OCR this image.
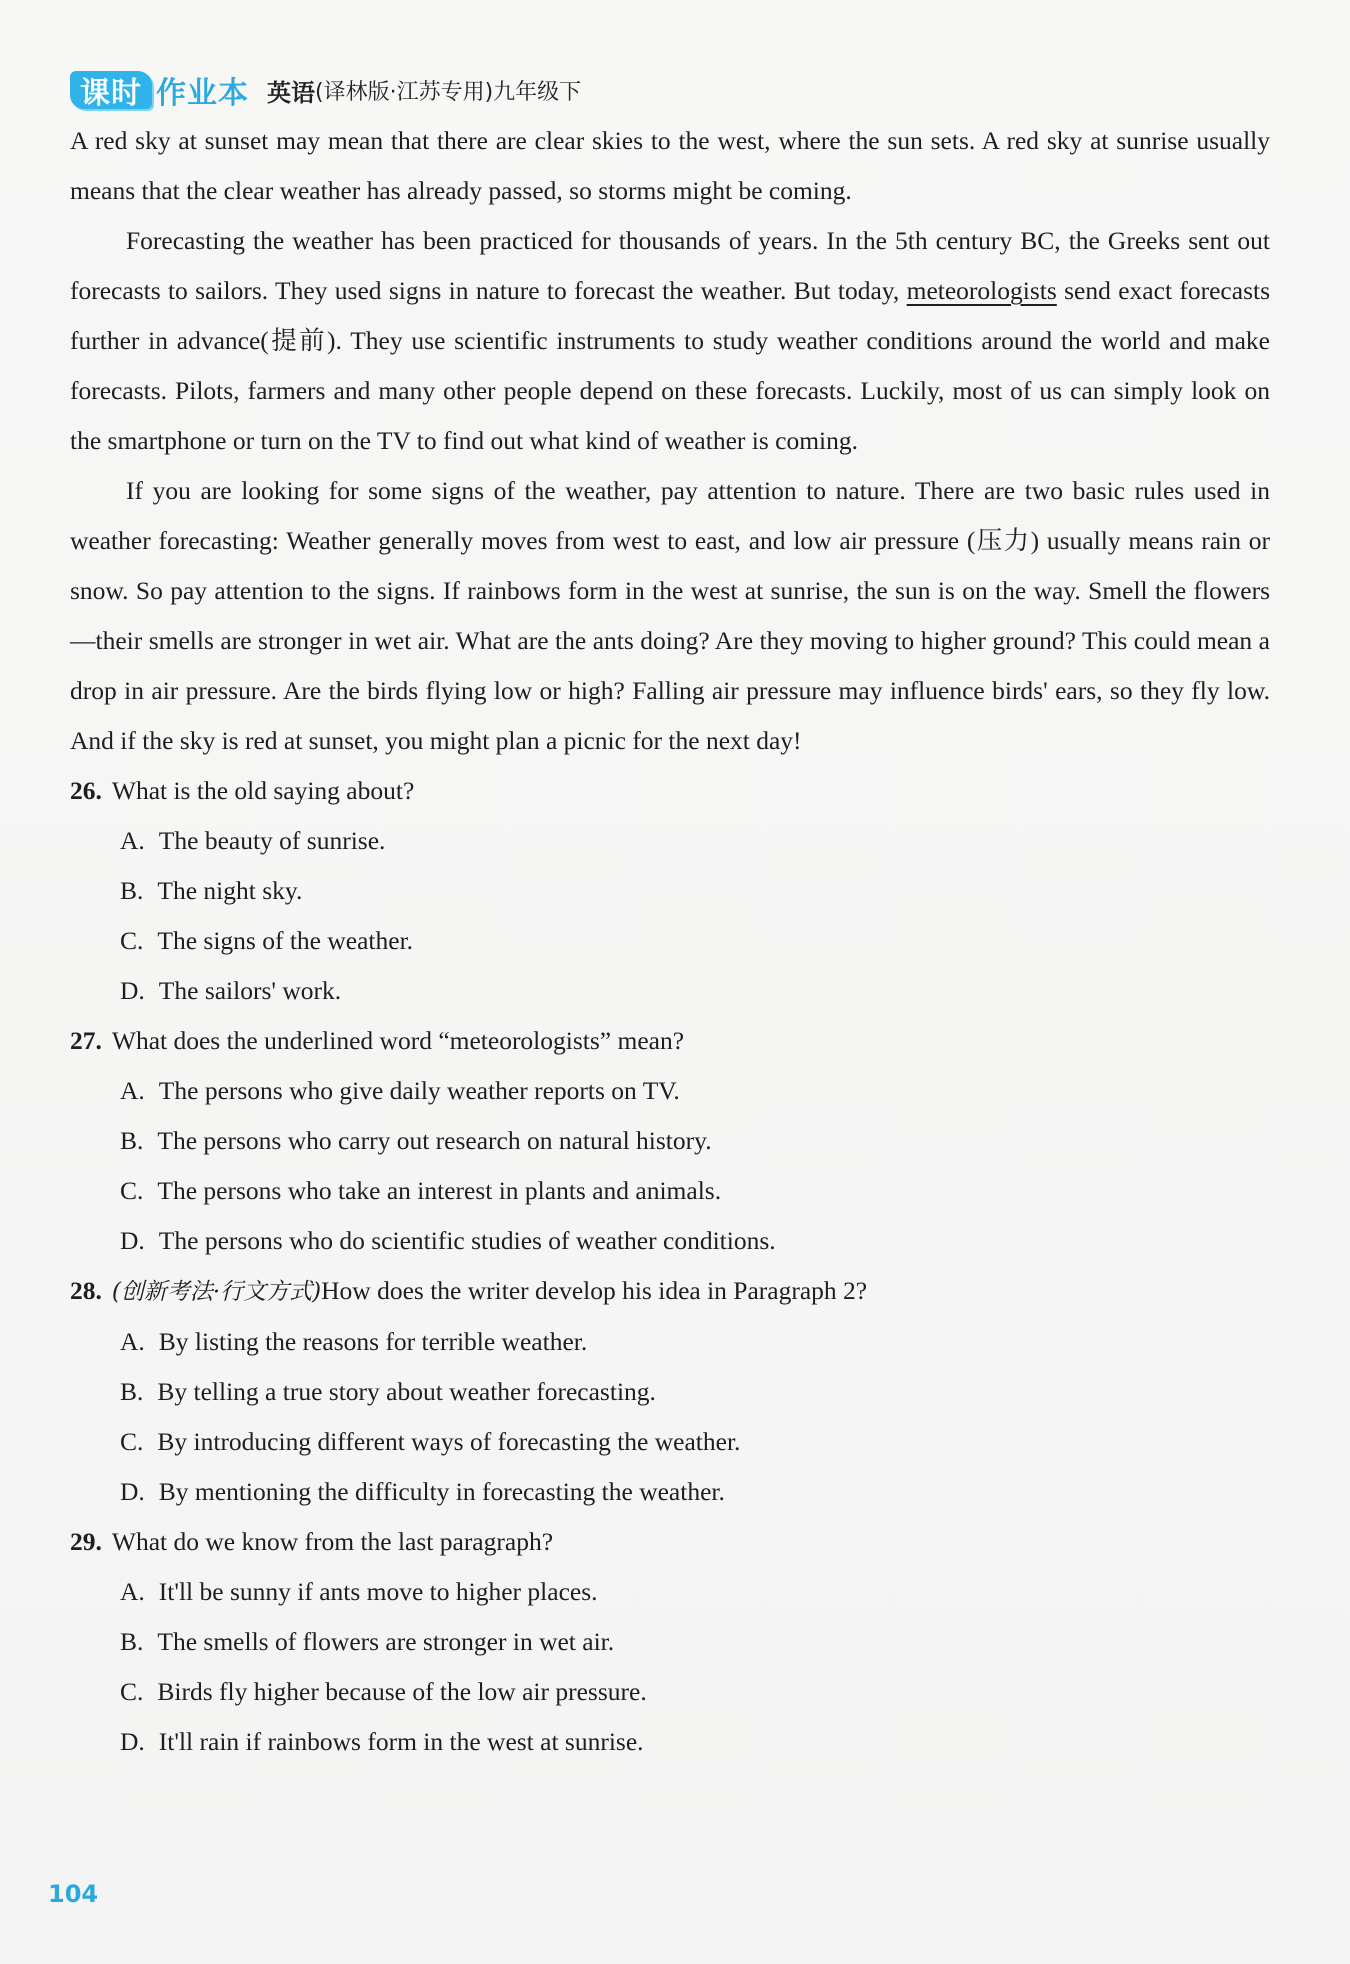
课时 作业本 英语 (译林版·江苏专用)九年级下

A red sky at sunset may mean that there are clear skies to the west, where the sun sets. A red sky at sunrise usually means that the clear weather has already passed, so storms might be coming.

Forecasting the weather has been practiced for thousands of years. In the 5th century BC, the Greeks sent out forecasts to sailors. They used signs in nature to forecast the weather. But today, meteorologists send exact forecasts further in advance(提前). They use scientific instruments to study weather conditions around the world and make forecasts. Pilots, farmers and many other people depend on these forecasts. Luckily, most of us can simply look on the smartphone or turn on the TV to find out what kind of weather is coming.

If you are looking for some signs of the weather, pay attention to nature. There are two basic rules used in weather forecasting: Weather generally moves from west to east, and low air pressure (压力) usually means rain or snow. So pay attention to the signs. If rainbows form in the west at sunrise, the sun is on the way. Smell the flowers—their smells are stronger in wet air. What are the ants doing? Are they moving to higher ground? This could mean a drop in air pressure. Are the birds flying low or high? Falling air pressure may influence birds' ears, so they fly low. And if the sky is red at sunset, you might plan a picnic for the next day!

26. What is the old saying about?

A. The beauty of sunrise.

B. The night sky.

C. The signs of the weather.

D. The sailors' work.

27. What does the underlined word “meteorologists” mean?

A. The persons who give daily weather reports on TV.

B. The persons who carry out research on natural history.

C. The persons who take an interest in plants and animals.

D. The persons who do scientific studies of weather conditions.

28. (创新考法·行文方式)How does the writer develop his idea in Paragraph 2?

A. By listing the reasons for terrible weather.

B. By telling a true story about weather forecasting.

C. By introducing different ways of forecasting the weather.

D. By mentioning the difficulty in forecasting the weather.

29. What do we know from the last paragraph?

A. It'll be sunny if ants move to higher places.

B. The smells of flowers are stronger in wet air.

C. Birds fly higher because of the low air pressure.

D. It'll rain if rainbows form in the west at sunrise.

104
